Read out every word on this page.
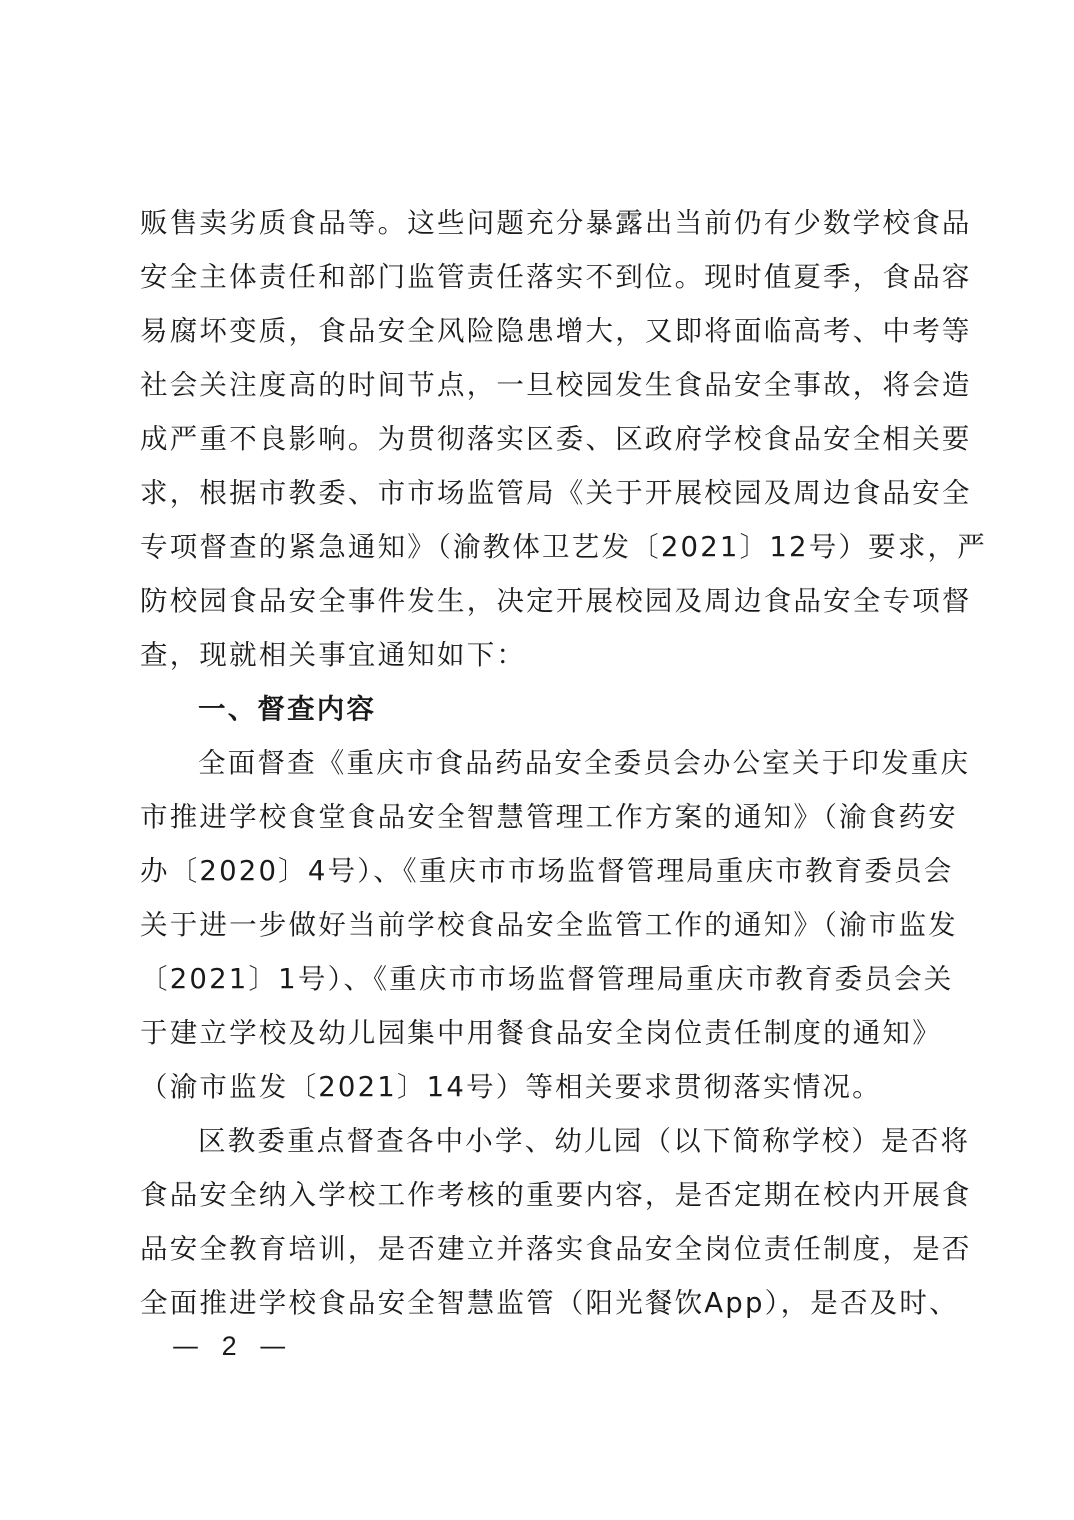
贩售卖劣质食品等。这些问题充分暴露出当前仍有少数学校食品
安全主体责任和部门监管责任落实不到位。现时值夏季，食品容
易腐坏变质，食品安全风险隐患增大，又即将面临高考、中考等
社会关注度高的时间节点，一旦校园发生食品安全事故，将会造
成严重不良影响。为贯彻落实区委、区政府学校食品安全相关要
求，根据市教委、市市场监管局《关于开展校园及周边食品安全
专项督查的紧急通知》（渝教体卫艺发〔2021〕12号）要求，严
防校园食品安全事件发生，决定开展校园及周边食品安全专项督
查，现就相关事宜通知如下：
一、督查内容
全面督查《重庆市食品药品安全委员会办公室关于印发重庆
市推进学校食堂食品安全智慧管理工作方案的通知》（渝食药安
办〔2020〕4号）、《重庆市市场监督管理局重庆市教育委员会
关于进一步做好当前学校食品安全监管工作的通知》（渝市监发
〔2021〕1号）、《重庆市市场监督管理局重庆市教育委员会关
于建立学校及幼儿园集中用餐食品安全岗位责任制度的通知》
（渝市监发〔2021〕14号）等相关要求贯彻落实情况。
区教委重点督查各中小学、幼儿园（以下简称学校）是否将
食品安全纳入学校工作考核的重要内容，是否定期在校内开展食
品安全教育培训，是否建立并落实食品安全岗位责任制度，是否
全面推进学校食品安全智慧监管（阳光餐饮App），是否及时、
— 2 —
